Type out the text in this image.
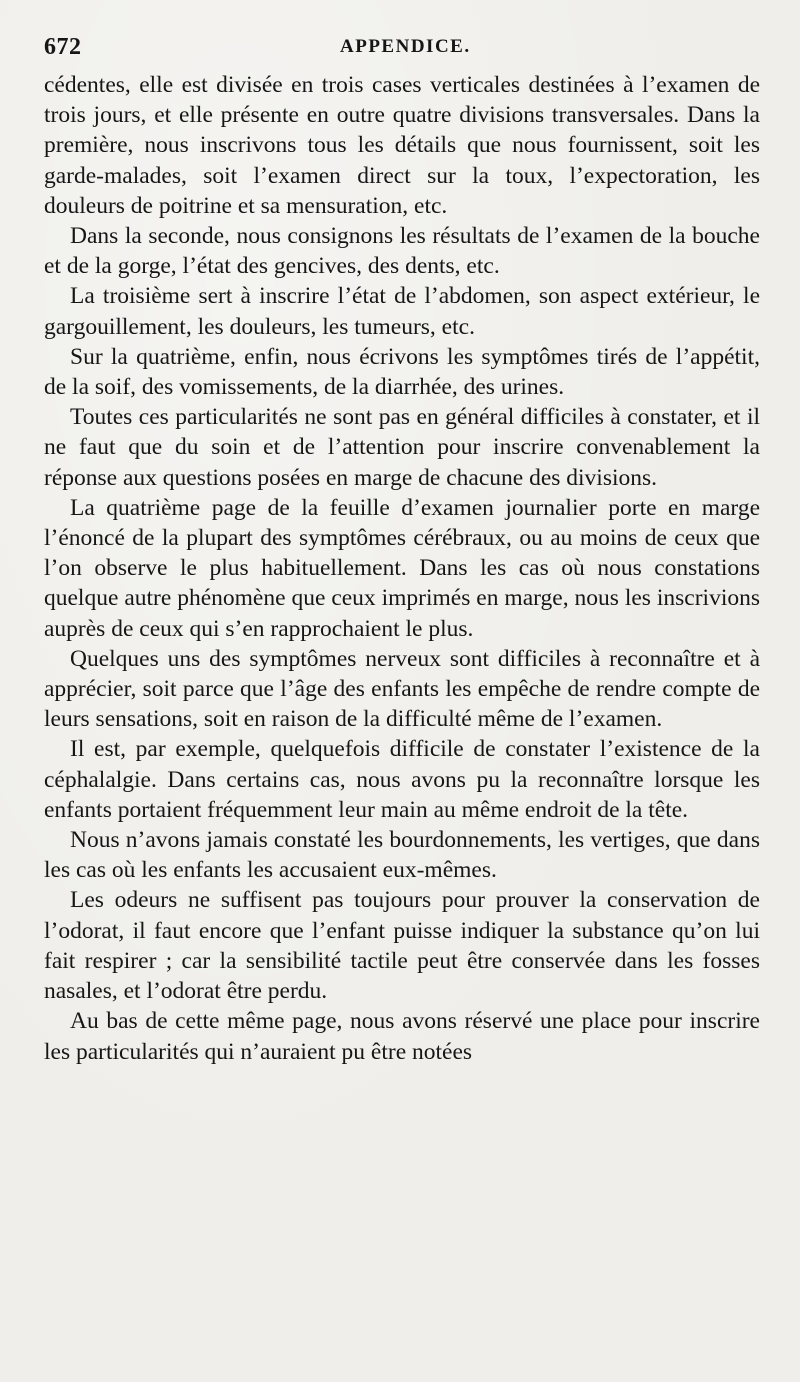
672	APPENDICE.

cédentes, elle est divisée en trois cases verticales destinées à l’examen de trois jours, et elle présente en outre quatre divisions transversales. Dans la première, nous inscrivons tous les détails que nous fournissent, soit les garde-malades, soit l’examen direct sur la toux, l’expectoration, les douleurs de poitrine et sa mensuration, etc.

Dans la seconde, nous consignons les résultats de l’examen de la bouche et de la gorge, l’état des gencives, des dents, etc.

La troisième sert à inscrire l’état de l’abdomen, son aspect extérieur, le gargouillement, les douleurs, les tumeurs, etc.

Sur la quatrième, enfin, nous écrivons les symptômes tirés de l’appétit, de la soif, des vomissements, de la diarrhée, des urines.

Toutes ces particularités ne sont pas en général difficiles à constater, et il ne faut que du soin et de l’attention pour inscrire convenablement la réponse aux questions posées en marge de chacune des divisions.

La quatrième page de la feuille d’examen journalier porte en marge l’énoncé de la plupart des symptômes cérébraux, ou au moins de ceux que l’on observe le plus habituellement. Dans les cas où nous constations quelque autre phénomène que ceux imprimés en marge, nous les inscrivions auprès de ceux qui s’en rapprochaient le plus.

Quelques uns des symptômes nerveux sont difficiles à reconnaître et à apprécier, soit parce que l’âge des enfants les empêche de rendre compte de leurs sensations, soit en raison de la difficulté même de l’examen.

Il est, par exemple, quelquefois difficile de constater l’existence de la céphalalgie. Dans certains cas, nous avons pu la reconnaître lorsque les enfants portaient fréquemment leur main au même endroit de la tête.

Nous n’avons jamais constaté les bourdonnements, les vertiges, que dans les cas où les enfants les accusaient eux-mêmes.

Les odeurs ne suffisent pas toujours pour prouver la conservation de l’odorat, il faut encore que l’enfant puisse indiquer la substance qu’on lui fait respirer ; car la sensibilité tactile peut être conservée dans les fosses nasales, et l’odorat être perdu.

Au bas de cette même page, nous avons réservé une place pour inscrire les particularités qui n’auraient pu être notées
